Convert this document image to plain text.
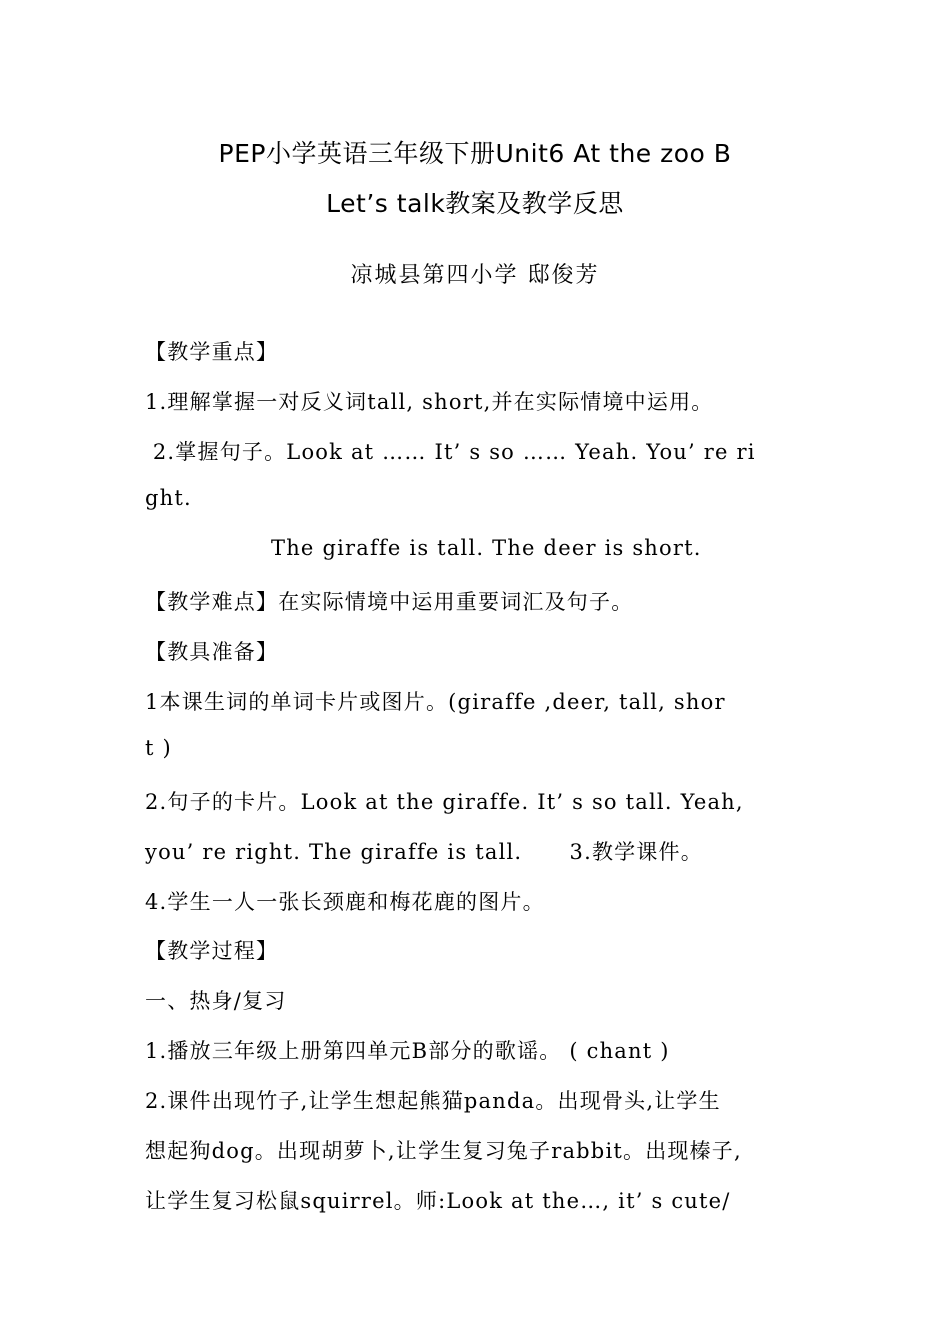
PEP小学英语三年级下册Unit6 At the zoo B
Let’s talk教案及教学反思
凉城县第四小学 邸俊芳
【教学重点】
1.理解掌握一对反义词tall, short,并在实际情境中运用。
2.掌握句子。Look at …… It’ s so …… Yeah. You’ re ri
ght.
The giraffe is tall. The deer is short.
【教学难点】在实际情境中运用重要词汇及句子。
【教具准备】
1本课生词的单词卡片或图片。(giraffe ,deer, tall, shor
t )
2.句子的卡片。Look at the giraffe. It’ s so tall. Yeah,
you’ re right. The giraffe is tall.      3.教学课件。
4.学生一人一张长颈鹿和梅花鹿的图片。
【教学过程】
一、热身/复习
1.播放三年级上册第四单元B部分的歌谣。 ( chant )
2.课件出现竹子,让学生想起熊猫panda。出现骨头,让学生
想起狗dog。出现胡萝卜,让学生复习兔子rabbit。出现榛子,
让学生复习松鼠squirrel。师:Look at the…, it’ s cute/
